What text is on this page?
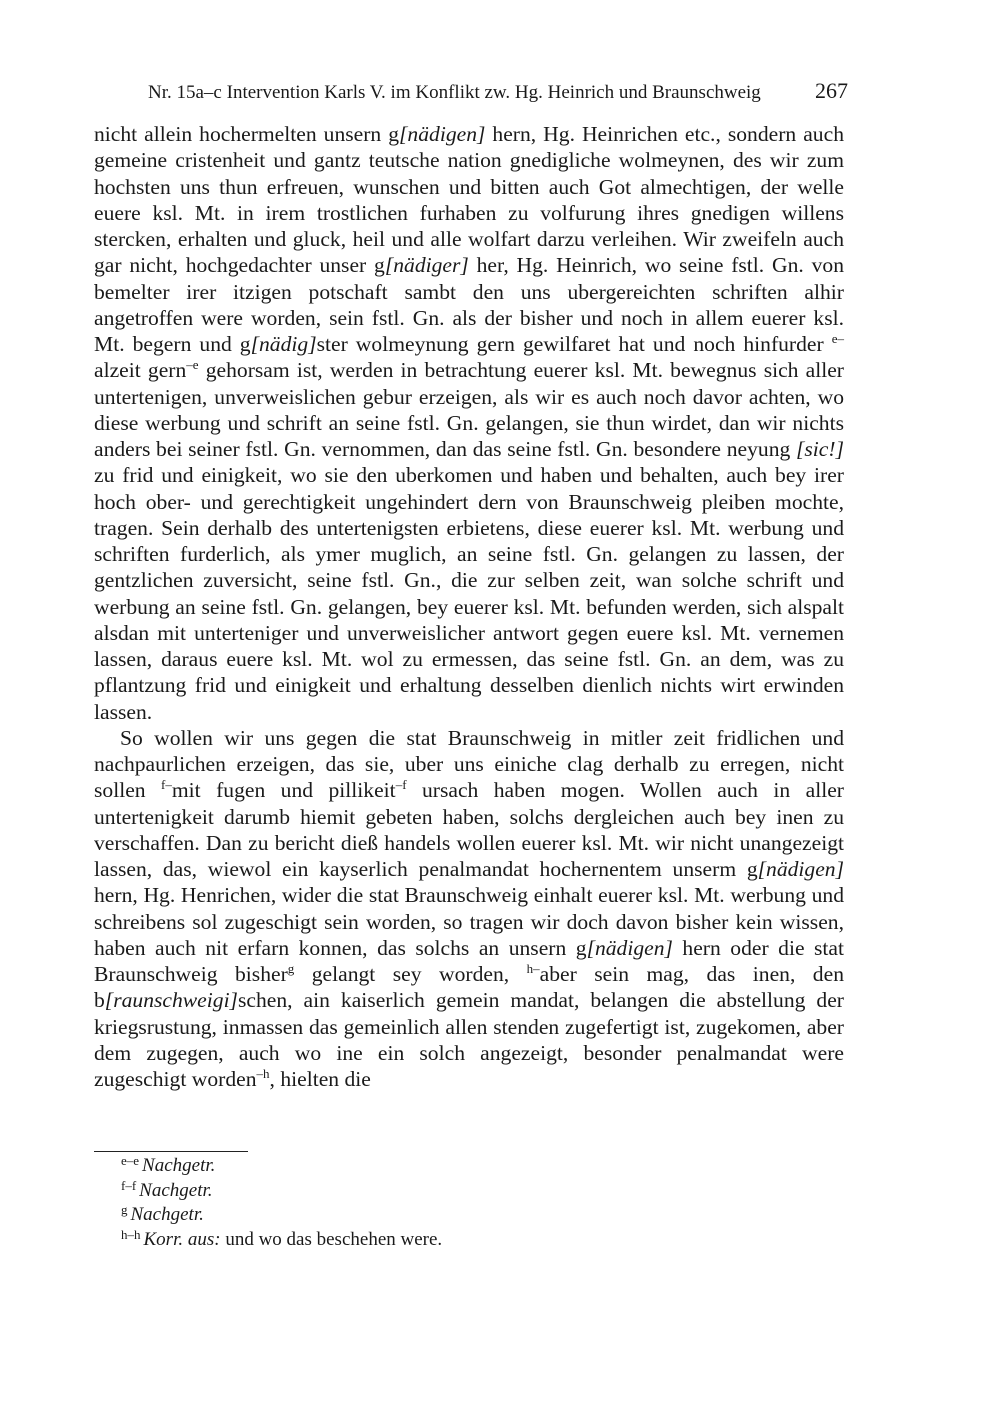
Nr. 15a–c Intervention Karls V. im Konflikt zw. Hg. Heinrich und Braunschweig 267

nicht allein hochermelten unsern g[nädigen] hern, Hg. Heinrichen etc., sondern auch gemeine cristenheit und gantz teutsche nation gnedigliche wolmeynen, des wir zum hochsten uns thun erfreuen, wunschen und bitten auch Got almechtigen, der welle euere ksl. Mt. in irem trostlichen furhaben zu volfurung ihres gnedigen willens stercken, erhalten und gluck, heil und alle wolfart darzu verleihen. Wir zweifeln auch gar nicht, hochgedachter unser g[nädiger] her, Hg. Heinrich, wo seine fstl. Gn. von bemelter irer itzigen potschaft sambt den uns ubergereichten schriften alhir angetroffen were worden, sein fstl. Gn. als der bisher und noch in allem euerer ksl. Mt. begern und g[nädig]ster wolmeynung gern gewilfaret hat und noch hinfurder $^{e-}$alzeit gern$^{-e}$ gehorsam ist, werden in betrachtung euerer ksl. Mt. bewegnus sich aller untertenigen, unverweislichen gebur erzeigen, als wir es auch noch davor achten, wo diese werbung und schrift an seine fstl. Gn. gelangen, sie thun wirdet, dan wir nichts anders bei seiner fstl. Gn. vernommen, dan das seine fstl. Gn. besondere neyung [sic!] zu frid und einigkeit, wo sie den uberkomen und haben und behalten, auch bey irer hoch ober- und gerechtigkeit ungehindert dern von Braunschweig pleiben mochte, tragen. Sein derhalb des untertenigsten erbietens, diese euerer ksl. Mt. werbung und schriften furderlich, als ymer muglich, an seine fstl. Gn. gelangen zu lassen, der gentzlichen zuversicht, seine fstl. Gn., die zur selben zeit, wan solche schrift und werbung an seine fstl. Gn. gelangen, bey euerer ksl. Mt. befunden werden, sich alspalt alsdan mit unterteniger und unverweislicher antwort gegen euere ksl. Mt. vernemen lassen, daraus euere ksl. Mt. wol zu ermessen, das seine fstl. Gn. an dem, was zu pflantzung frid und einigkeit und erhaltung desselben dienlich nichts wirt erwinden lassen.

So wollen wir uns gegen die stat Braunschweig in mitler zeit fridlichen und nachpaurlichen erzeigen, das sie, uber uns einiche clag derhalb zu erregen, nicht sollen $^{f-}$mit fugen und pillikeit$^{-f}$ ursach haben mogen. Wollen auch in aller untertenigkeit darumb hiemit gebeten haben, solchs dergleichen auch bey inen zu verschaffen. Dan zu bericht dieß handels wollen euerer ksl. Mt. wir nicht unangezeigt lassen, das, wiewol ein kayserlich penalmandat hochernentem unserm g[nädigen] hern, Hg. Henrichen, wider die stat Braunschweig einhalt euerer ksl. Mt. werbung und schreibens sol zugeschigt sein worden, so tragen wir doch davon bisher kein wissen, haben auch nit erfarn konnen, das solchs an unsern g[nädigen] hern oder die stat Braunschweig bisher$^g$ gelangt sey worden, $^{h-}$aber sein mag, das inen, den b[raunschweigi]schen, ain kaiserlich gemein mandat, belangen die abstellung der kriegsrustung, inmassen das gemeinlich allen stenden zugefertigt ist, zugekomen, aber dem zugegen, auch wo ine ein solch angezeigt, besonder penalmandat were zugeschigt worden$^{-h}$, hielten die

$^{e-e}$ Nachgetr.
$^{f-f}$ Nachgetr.
$^g$ Nachgetr.
$^{h-h}$ Korr. aus: und wo das beschehen were.
